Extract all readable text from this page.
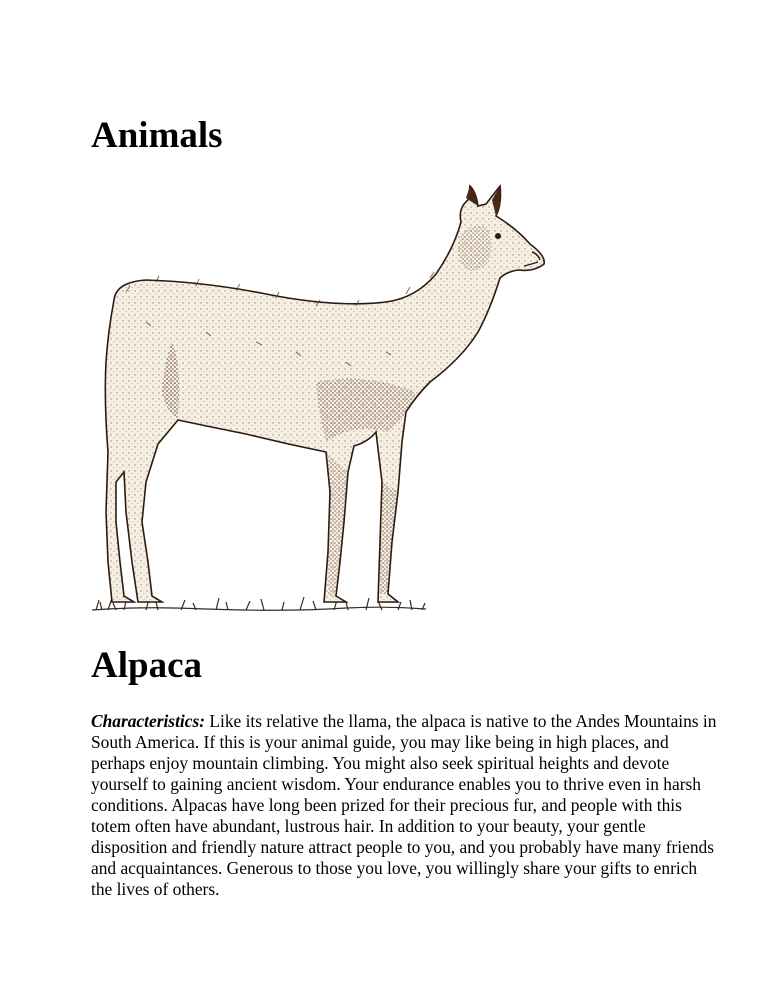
Animals
Alpaca

Characteristics: Like its relative the llama, the alpaca is native to the Andes Mountains in South America. If this is your animal guide, you may like being in high places, and perhaps enjoy mountain climbing. You might also seek spiritual heights and devote yourself to gaining ancient wisdom. Your endurance enables you to thrive even in harsh conditions. Alpacas have long been prized for their precious fur, and people with this totem often have abundant, lustrous hair. In addition to your beauty, your gentle disposition and friendly nature attract people to you, and you probably have many friends and acquaintances. Generous to those you love, you willingly share your gifts to enrich the lives of others.
